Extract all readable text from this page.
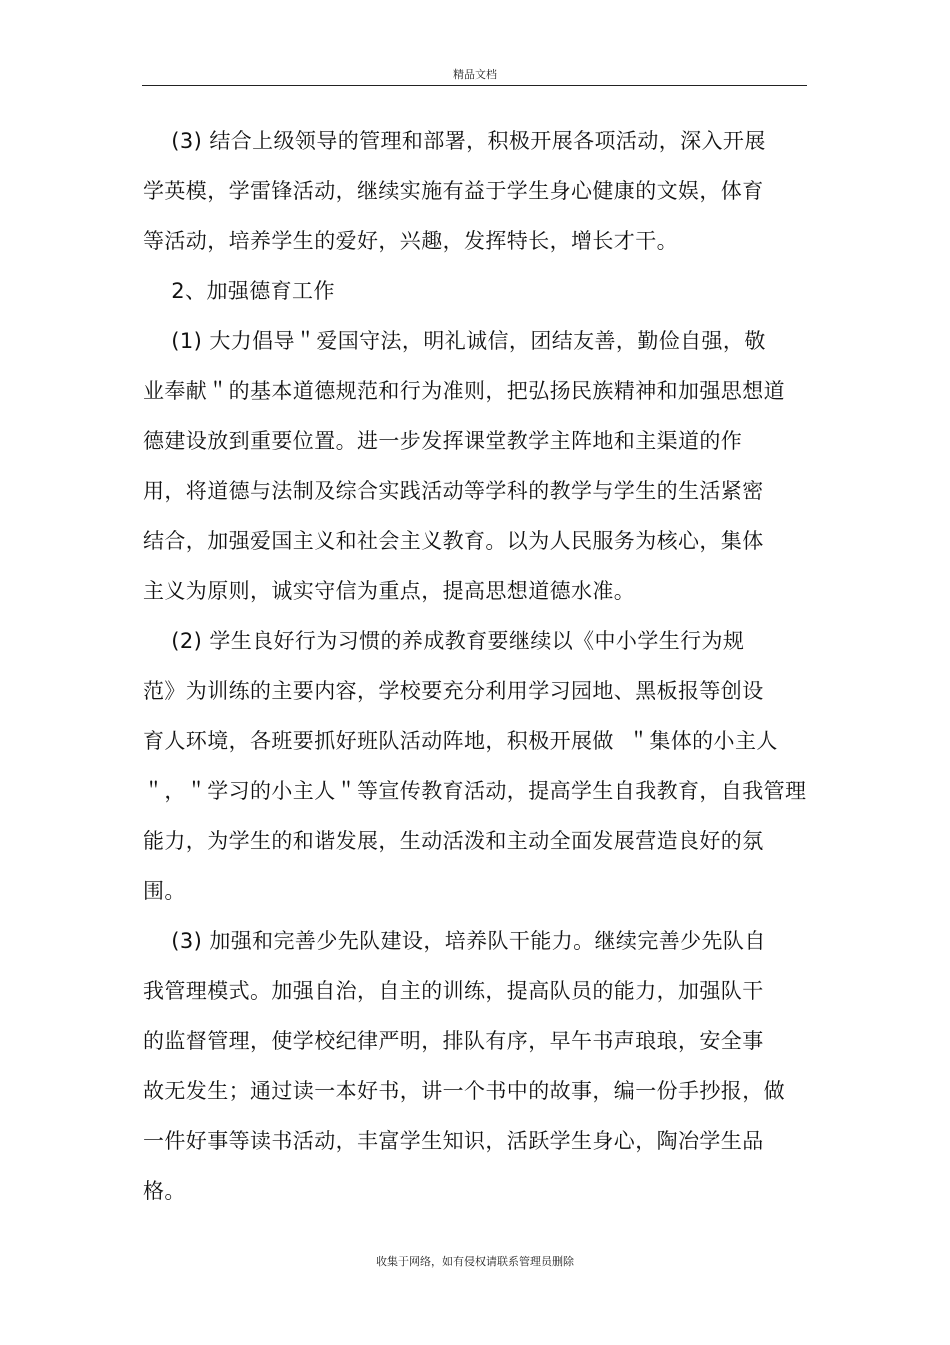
精品文档
(3) 结合上级领导的管理和部署，积极开展各项活动，深入开展
学英模，学雷锋活动，继续实施有益于学生身心健康的文娱，体育
等活动，培养学生的爱好，兴趣，发挥特长，增长才干。
2、加强德育工作
(1) 大力倡导＂爱国守法，明礼诚信，团结友善，勤俭自强，敬
业奉献＂的基本道德规范和行为准则，把弘扬民族精神和加强思想道
德建设放到重要位置。进一步发挥课堂教学主阵地和主渠道的作
用，将道德与法制及综合实践活动等学科的教学与学生的生活紧密
结合，加强爱国主义和社会主义教育。以为人民服务为核心，集体
主义为原则，诚实守信为重点，提高思想道德水准。
(2) 学生良好行为习惯的养成教育要继续以《中小学生行为规
范》为训练的主要内容，学校要充分利用学习园地、黑板报等创设
育人环境，各班要抓好班队活动阵地，积极开展做  ＂集体的小主人
＂，＂学习的小主人＂等宣传教育活动，提高学生自我教育，自我管理
能力，为学生的和谐发展，生动活泼和主动全面发展营造良好的氛
围。
(3) 加强和完善少先队建设，培养队干能力。继续完善少先队自
我管理模式。加强自治，自主的训练，提高队员的能力，加强队干
的监督管理，使学校纪律严明，排队有序，早午书声琅琅，安全事
故无发生；通过读一本好书，讲一个书中的故事，编一份手抄报，做
一件好事等读书活动，丰富学生知识，活跃学生身心，陶冶学生品
格。
收集于网络，如有侵权请联系管理员删除
